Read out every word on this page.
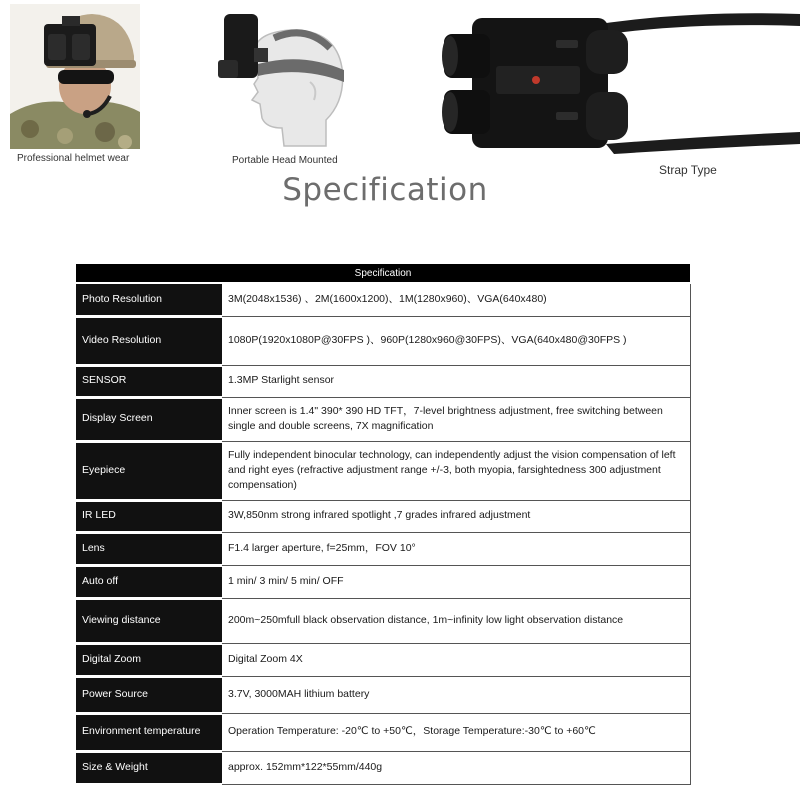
Professional helmet wear	Portable Head Mounted
Strap Type
Specification
Specification	
Photo Resolution	3M(2048x1536) 、2M(1600x1200)、1M(1280x960)、VGA(640x480)
Video Resolution	1080P(1920x1080P@30FPS )、960P(1280x960@30FPS)、VGA(640x480@30FPS )
SENSOR	1.3MP Starlight sensor
Display Screen	Inner screen is 1.4" 390* 390 HD TFT，7-level brightness adjustment, free switching between single and double screens, 7X magnification
Eyepiece	Fully independent binocular technology, can independently adjust the vision compensation of left and right eyes (refractive adjustment range +/-3, both myopia, farsightedness 300 adjustment compensation)
IR LED	3W,850nm strong infrared spotlight ,7 grades infrared adjustment
Lens	F1.4 larger aperture, f=25mm，FOV 10°
Auto off	1 min/ 3 min/ 5 min/ OFF
Viewing distance	200m~250mfull black observation distance, 1m~infinity low light observation distance
Digital Zoom	Digital Zoom 4X
Power Source	3.7V, 3000MAH lithium battery
Environment temperature	Operation Temperature: -20℃ to +50℃，Storage Temperature:-30℃ to +60℃
Size & Weight	approx. 152mm*122*55mm/440g
